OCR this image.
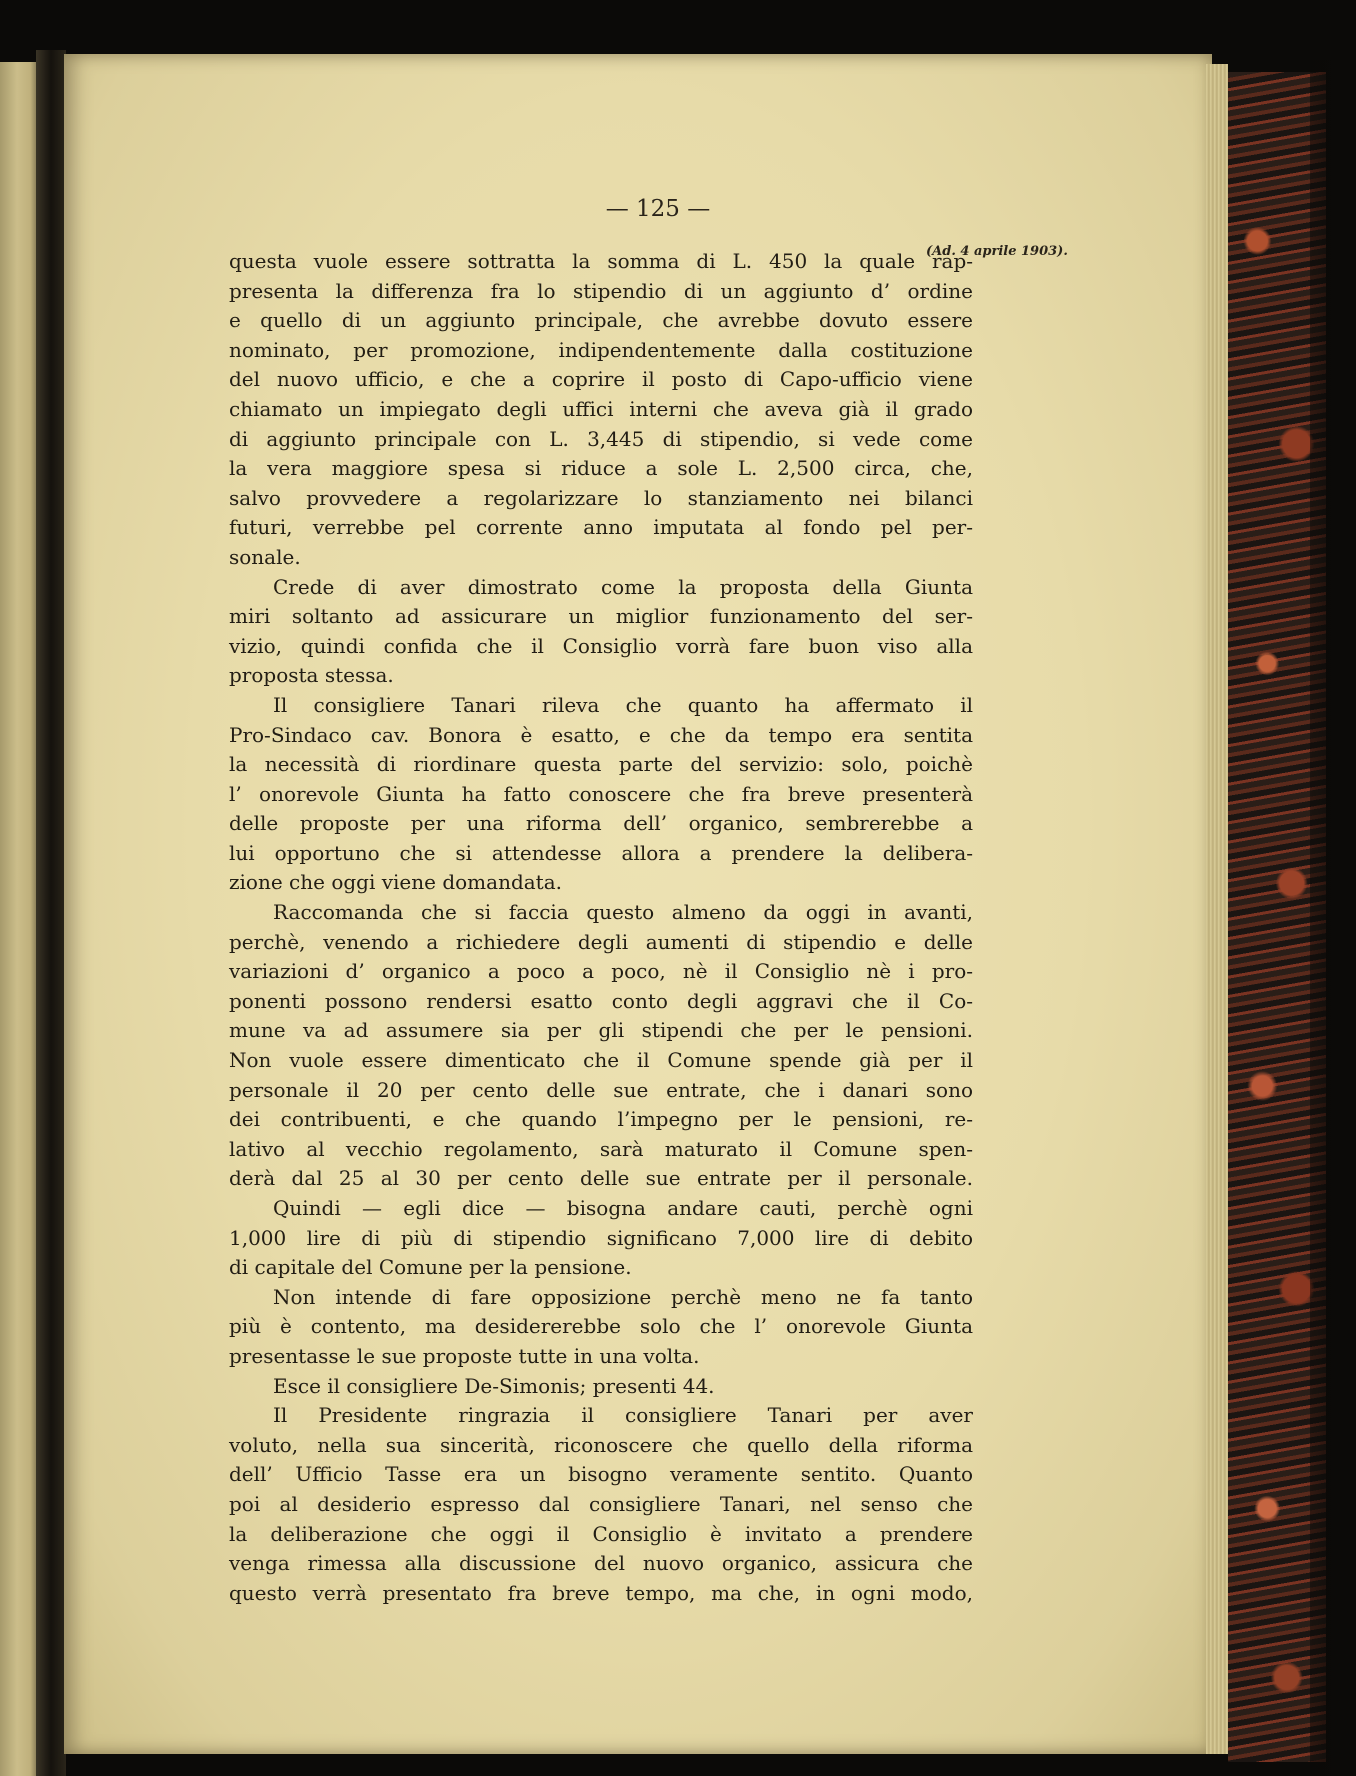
— 125 —
(Ad. 4 aprile 1903).
questa vuole essere sottratta la somma di L. 450 la quale rap-
presenta la differenza fra lo stipendio di un aggiunto d’ ordine
e quello di un aggiunto principale, che avrebbe dovuto essere
nominato, per promozione, indipendentemente dalla costituzione
del nuovo ufficio, e che a coprire il posto di Capo-ufficio viene
chiamato un impiegato degli uffici interni che aveva già il grado
di aggiunto principale con L. 3,445 di stipendio, si vede come
la vera maggiore spesa si riduce a sole L. 2,500 circa, che,
salvo provvedere a regolarizzare lo stanziamento nei bilanci
futuri, verrebbe pel corrente anno imputata al fondo pel per-
sonale.
Crede di aver dimostrato come la proposta della Giunta
miri soltanto ad assicurare un miglior funzionamento del ser-
vizio, quindi confida che il Consiglio vorrà fare buon viso alla
proposta stessa.
Il consigliere Tanari rileva che quanto ha affermato il
Pro-Sindaco cav. Bonora è esatto, e che da tempo era sentita
la necessità di riordinare questa parte del servizio: solo, poichè
l’ onorevole Giunta ha fatto conoscere che fra breve presenterà
delle proposte per una riforma dell’ organico, sembrerebbe a
lui opportuno che si attendesse allora a prendere la delibera-
zione che oggi viene domandata.
Raccomanda che si faccia questo almeno da oggi in avanti,
perchè, venendo a richiedere degli aumenti di stipendio e delle
variazioni d’ organico a poco a poco, nè il Consiglio nè i pro-
ponenti possono rendersi esatto conto degli aggravi che il Co-
mune va ad assumere sia per gli stipendi che per le pensioni.
Non vuole essere dimenticato che il Comune spende già per il
personale il 20 per cento delle sue entrate, che i danari sono
dei contribuenti, e che quando l’impegno per le pensioni, re-
lativo al vecchio regolamento, sarà maturato il Comune spen-
derà dal 25 al 30 per cento delle sue entrate per il personale.
Quindi — egli dice — bisogna andare cauti, perchè ogni
1,000 lire di più di stipendio significano 7,000 lire di debito
di capitale del Comune per la pensione.
Non intende di fare opposizione perchè meno ne fa tanto
più è contento, ma desidererebbe solo che l’ onorevole Giunta
presentasse le sue proposte tutte in una volta.
Esce il consigliere De-Simonis; presenti 44.
Il Presidente ringrazia il consigliere Tanari per aver
voluto, nella sua sincerità, riconoscere che quello della riforma
dell’ Ufficio Tasse era un bisogno veramente sentito. Quanto
poi al desiderio espresso dal consigliere Tanari, nel senso che
la deliberazione che oggi il Consiglio è invitato a prendere
venga rimessa alla discussione del nuovo organico, assicura che
questo verrà presentato fra breve tempo, ma che, in ogni modo,
